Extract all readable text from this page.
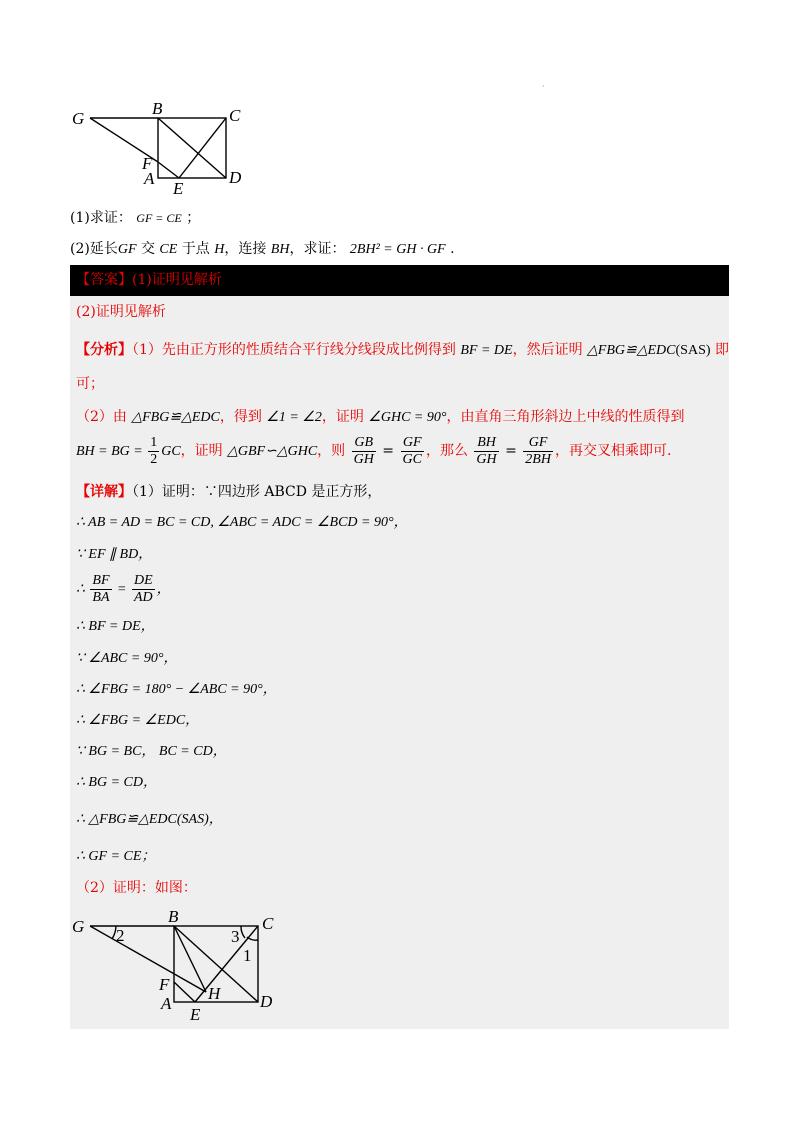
·
G
B	C
F
A
E
D
(1)求证： GF = CE ；
(2)延长GF 交 CE 于点 H，连接 BH，求证： 2BH² = GH · GF .
【答案】(1)证明见解析
(2)证明见解析
【分析】（1）先由正方形的性质结合平行线分线段成比例得到 BF = DE，然后证明 △FBG≌△EDC(SAS) 即
可；
（2）由 △FBG≌△EDC，得到 ∠1 = ∠2，证明 ∠GHC = 90°，由直角三角形斜边上中线的性质得到
BH = BG = $\frac{1}{2}$ GC，证明 △GBF∽△GHC，则 $\frac{GB}{GH} = \frac{GF}{GC}$ ，那么 $\frac{BH}{GH} = \frac{GF}{2BH}$ ，再交叉相乘即可.
【详解】（1）证明：∵四边形 ABCD 是正方形，
∴ AB = AD = BC = CD, ∠ABC = ADC = ∠BCD = 90°，
∵ EF ∥ BD，
∴ $\frac{BF}{BA} = \frac{DE}{AD}$ ，
∴ BF = DE，
∵ ∠ABC = 90°，
∴ ∠FBG = 180° − ∠ABC = 90°，
∴ ∠FBG = ∠EDC，
∵ BG = BC， BC = CD，
∴ BG = CD，
∴ △FBG≌△EDC(SAS)，
∴ GF = CE；
（2）证明：如图：
G
B	C
F
A
E
D
H
2
1
3
